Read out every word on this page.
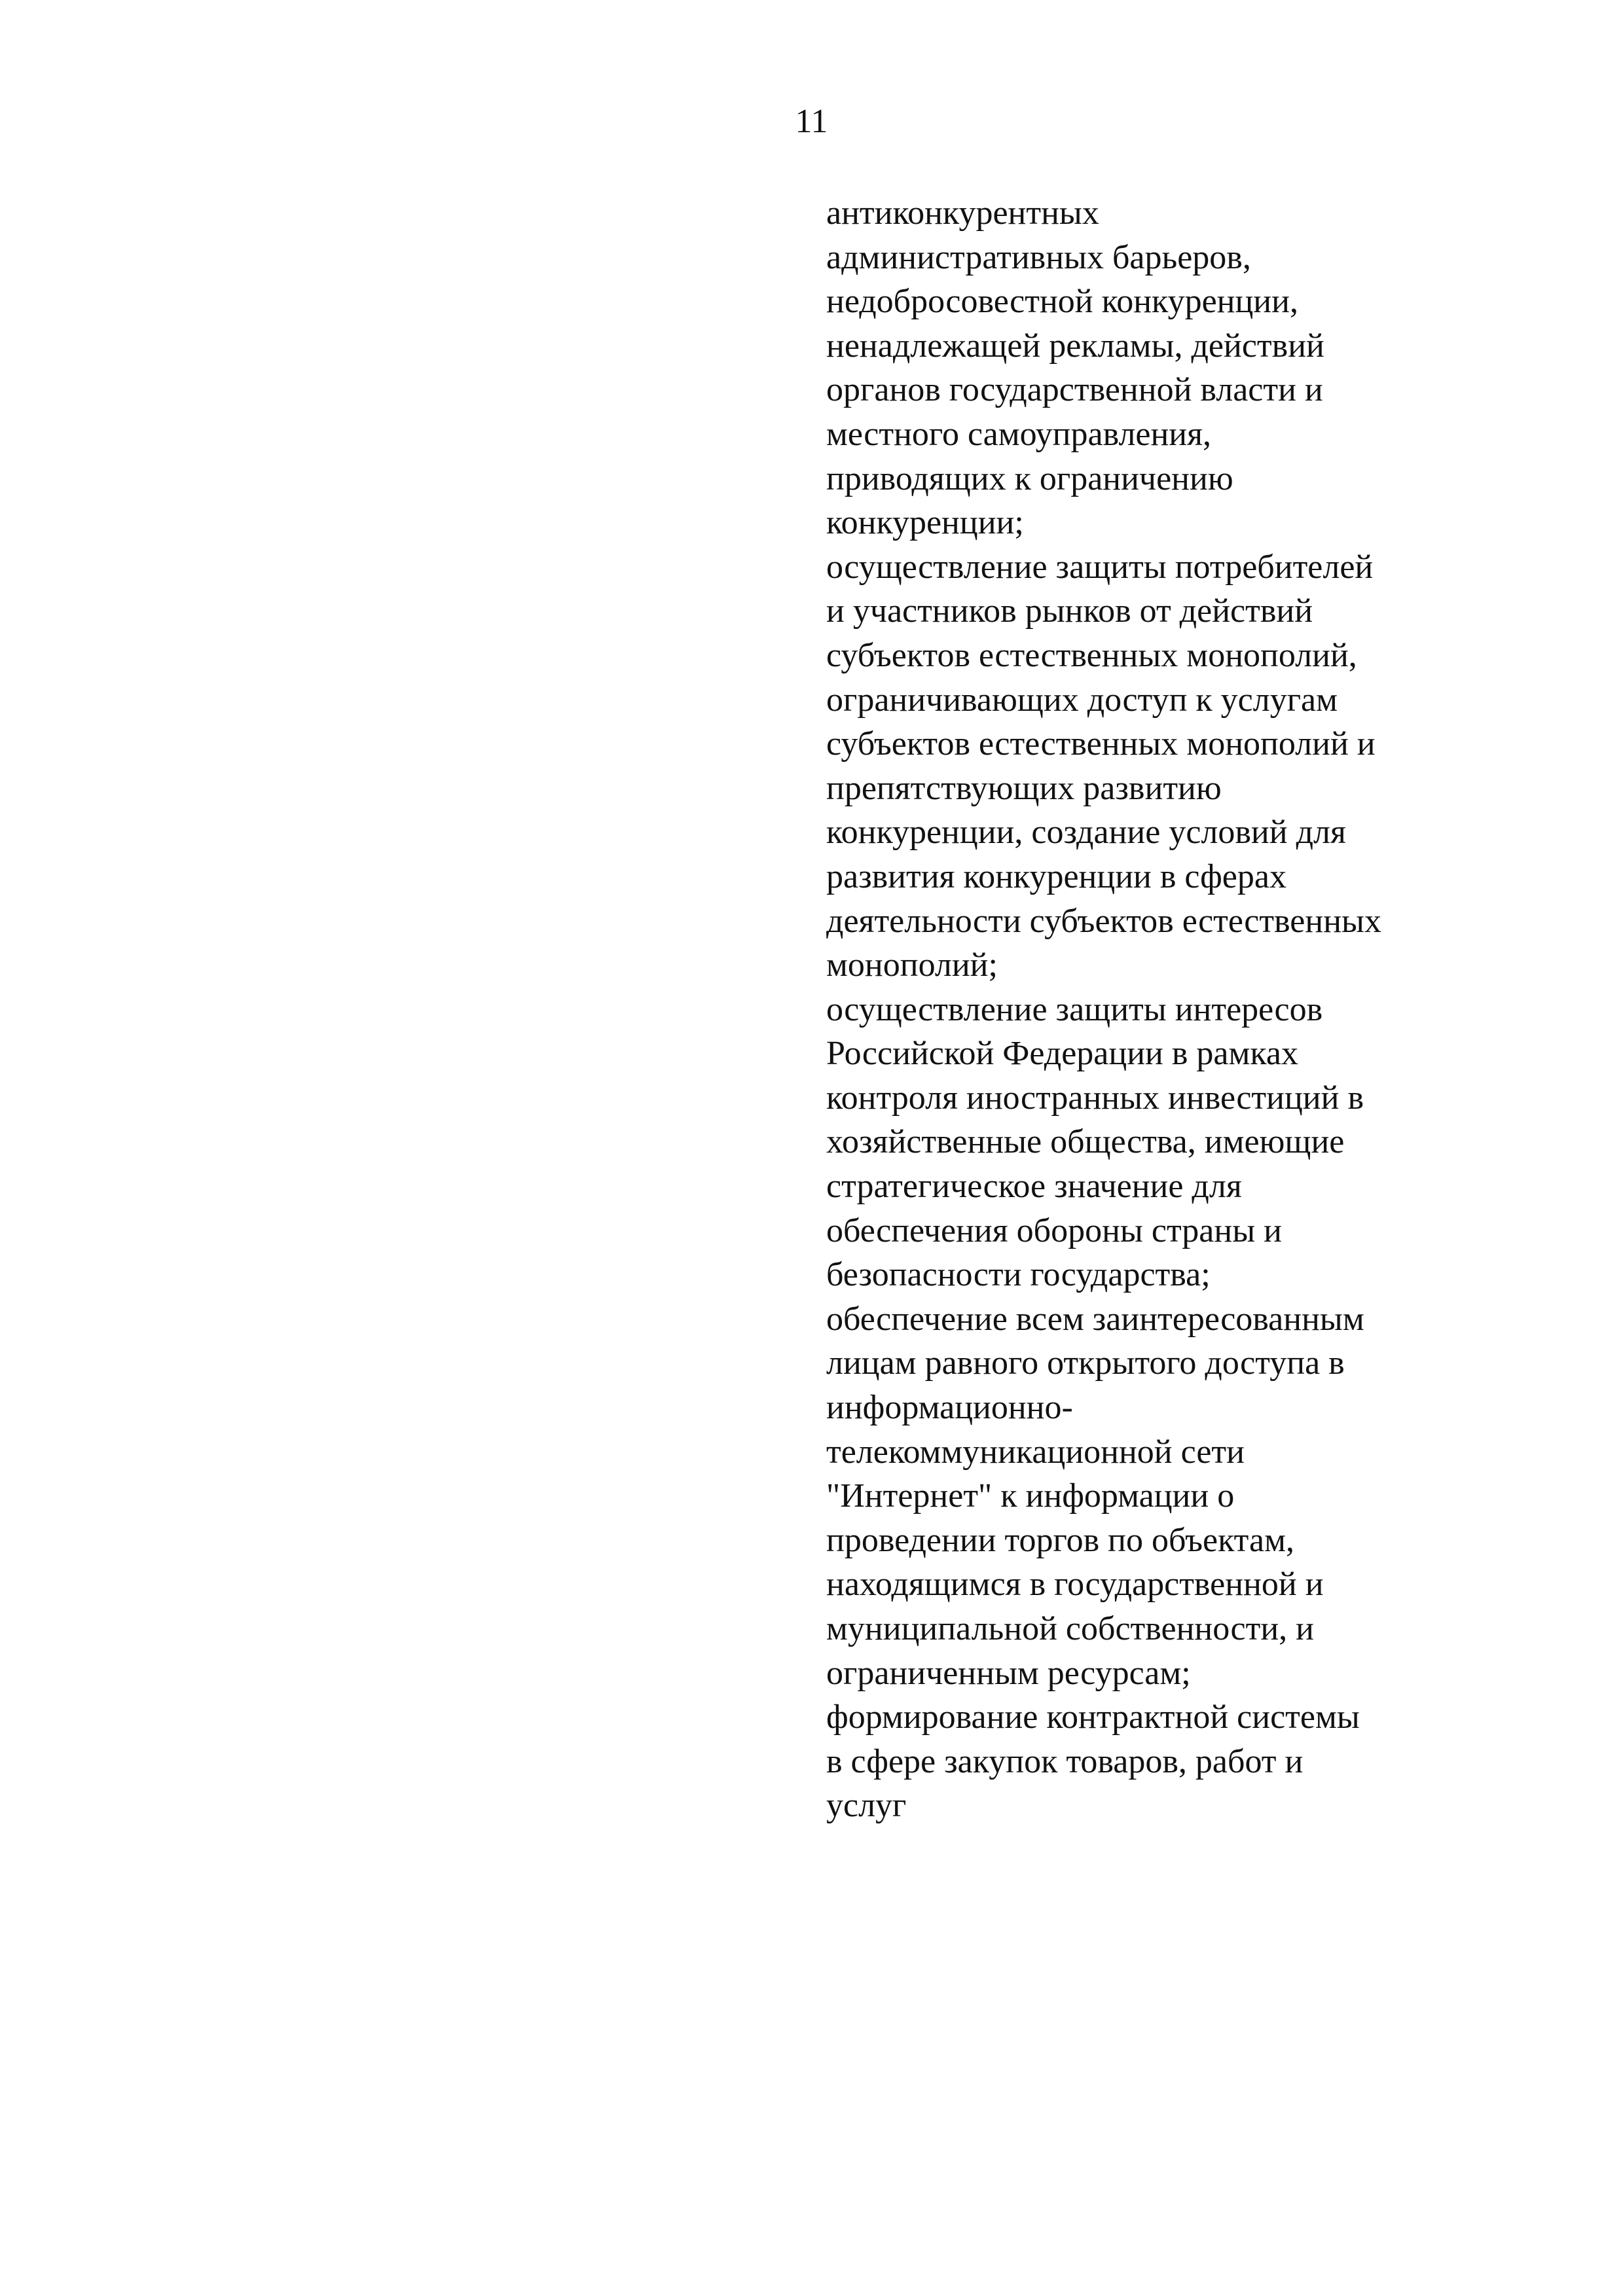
11
антиконкурентных
административных барьеров,
недобросовестной конкуренции,
ненадлежащей рекламы, действий
органов государственной власти и
местного самоуправления,
приводящих к ограничению
конкуренции;
осуществление защиты потребителей
и участников рынков от действий
субъектов естественных монополий,
ограничивающих доступ к услугам
субъектов естественных монополий и
препятствующих развитию
конкуренции, создание условий для
развития конкуренции в сферах
деятельности субъектов естественных
монополий;
осуществление защиты интересов
Российской Федерации в рамках
контроля иностранных инвестиций в
хозяйственные общества, имеющие
стратегическое значение для
обеспечения обороны страны и
безопасности государства;
обеспечение всем заинтересованным
лицам равного открытого доступа в
информационно-
телекоммуникационной сети
"Интернет" к информации о
проведении торгов по объектам,
находящимся в государственной и
муниципальной собственности, и
ограниченным ресурсам;
формирование контрактной системы
в сфере закупок товаров, работ и
услуг
